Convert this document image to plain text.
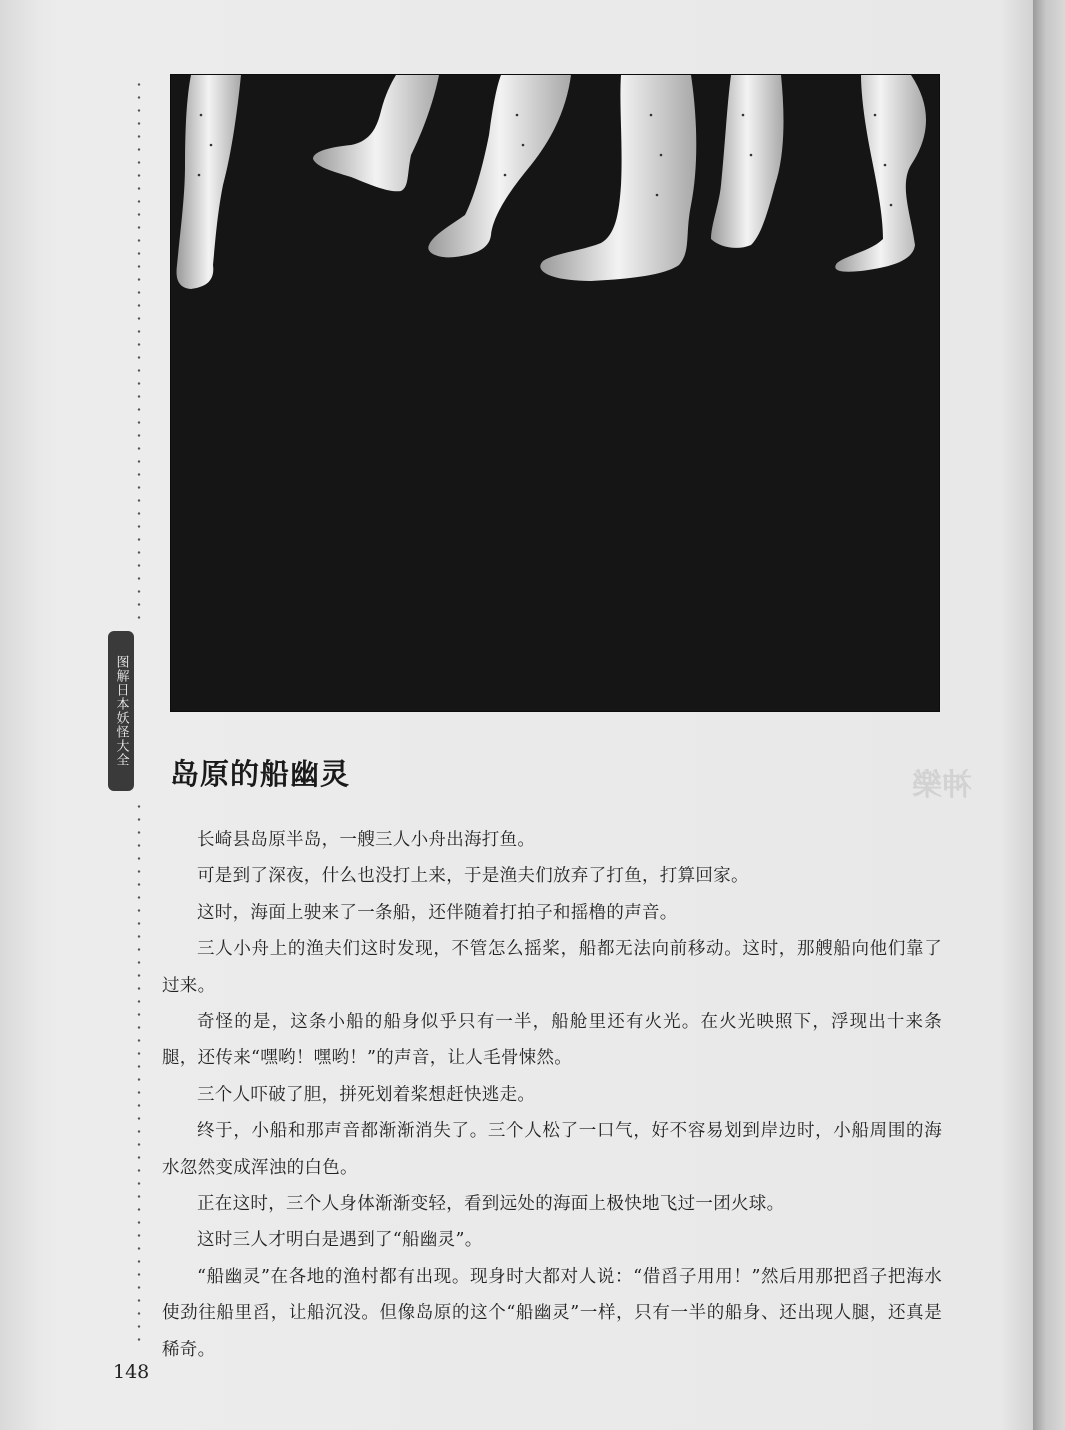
图解日本妖怪大全
神樂
岛原的船幽灵

长崎县岛原半岛，一艘三人小舟出海打鱼。

可是到了深夜，什么也没打上来，于是渔夫们放弃了打鱼，打算回家。

这时，海面上驶来了一条船，还伴随着打拍子和摇橹的声音。

三人小舟上的渔夫们这时发现，不管怎么摇桨，船都无法向前移动。这时，那艘船向他们靠了过来。

奇怪的是，这条小船的船身似乎只有一半，船舱里还有火光。在火光映照下，浮现出十来条腿，还传来“嘿哟！嘿哟！”的声音，让人毛骨悚然。

三个人吓破了胆，拼死划着桨想赶快逃走。

终于，小船和那声音都渐渐消失了。三个人松了一口气，好不容易划到岸边时，小船周围的海水忽然变成浑浊的白色。

正在这时，三个人身体渐渐变轻，看到远处的海面上极快地飞过一团火球。

这时三人才明白是遇到了“船幽灵”。

“船幽灵”在各地的渔村都有出现。现身时大都对人说：“借舀子用用！”然后用那把舀子把海水使劲往船里舀，让船沉没。但像岛原的这个“船幽灵”一样，只有一半的船身、还出现人腿，还真是稀奇。

148
